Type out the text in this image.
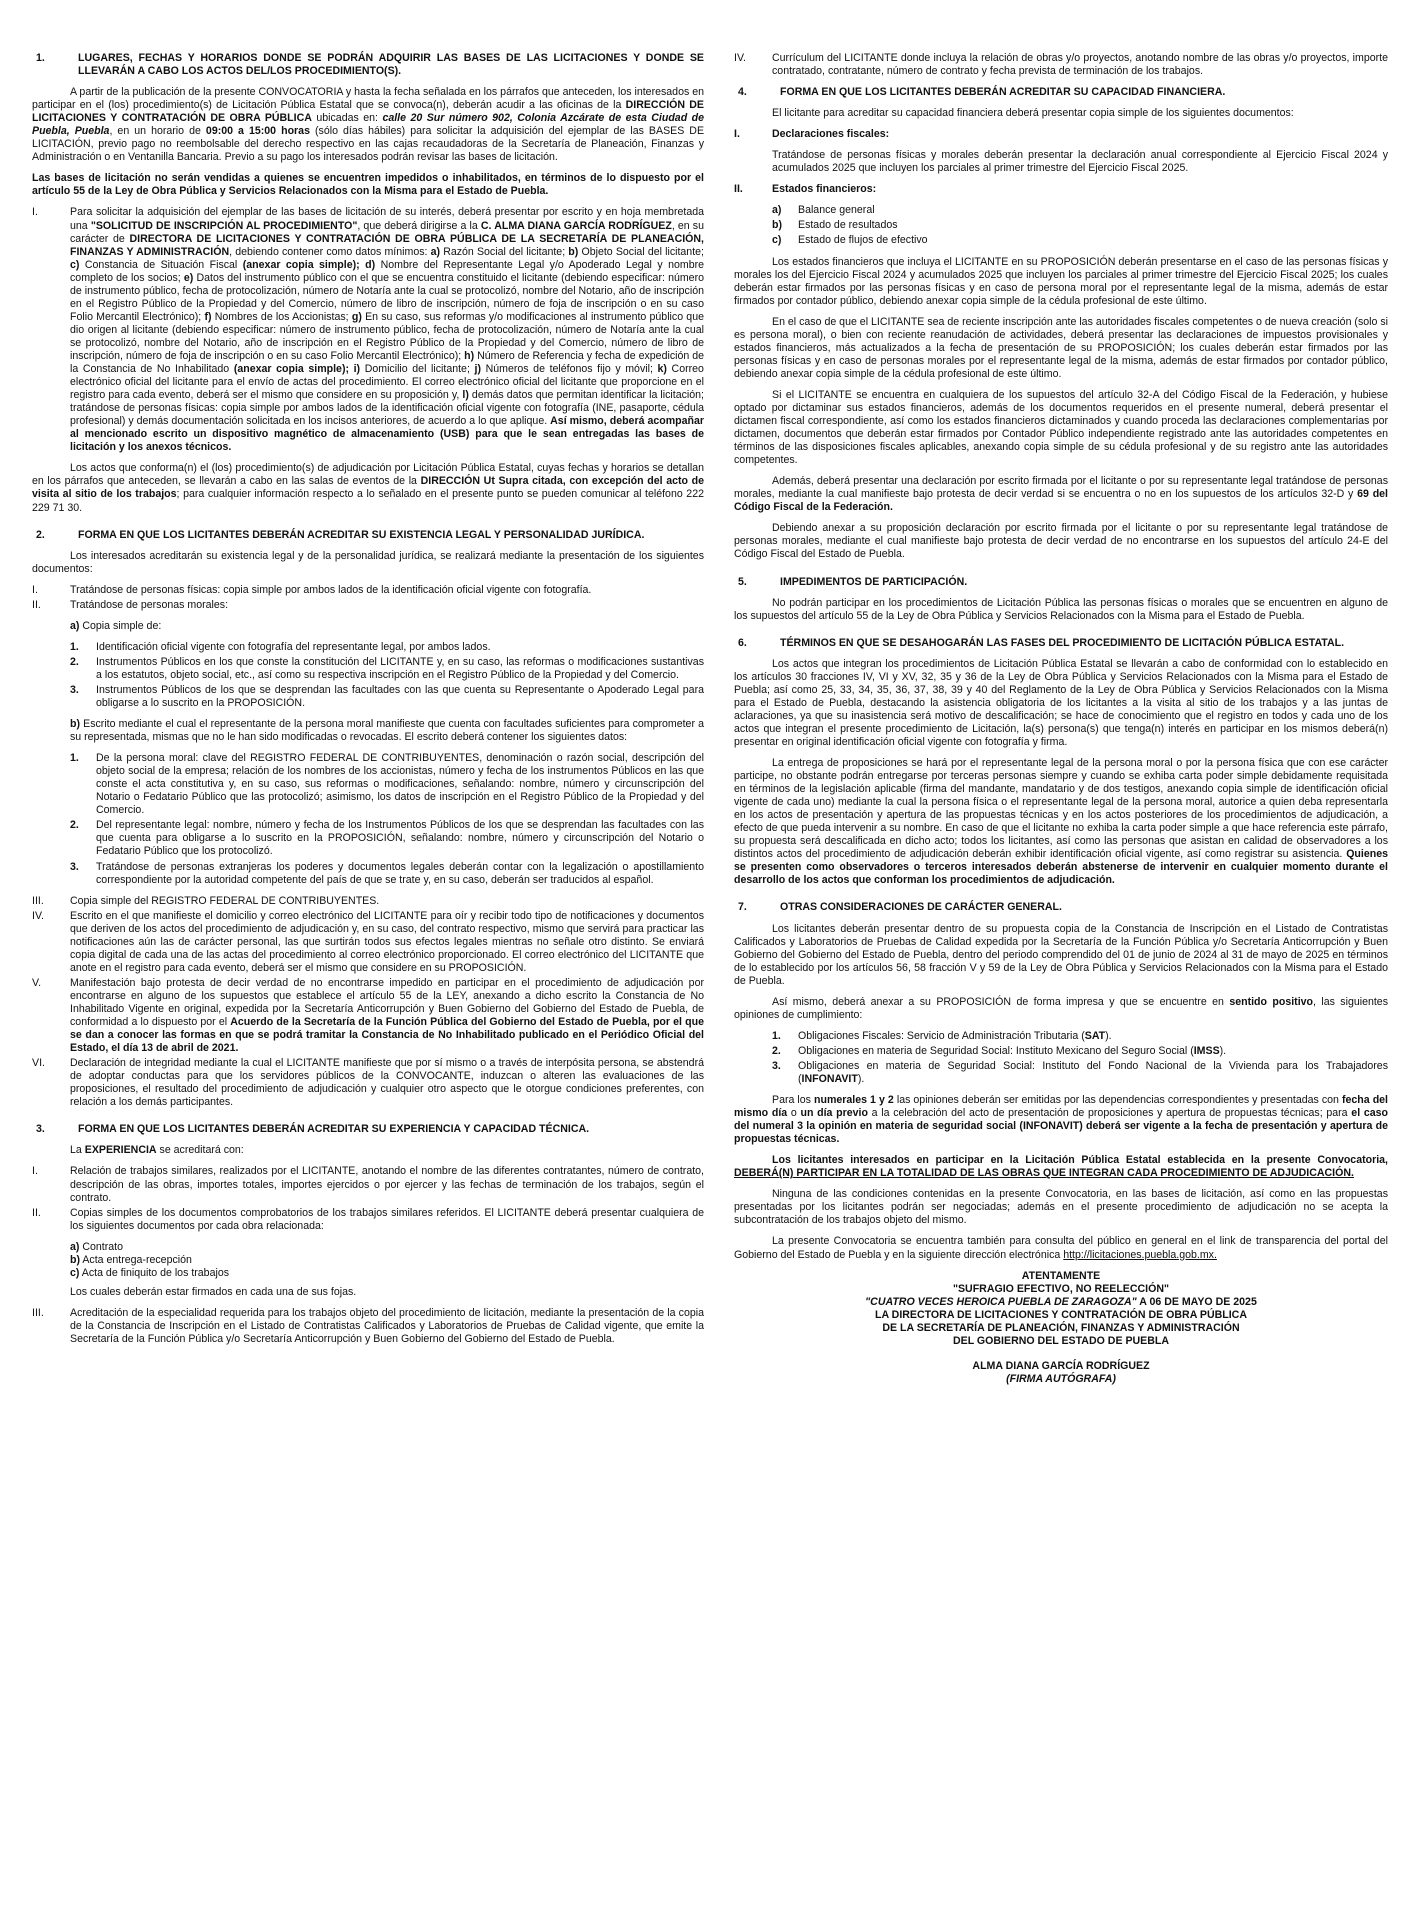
1.	LUGARES, FECHAS Y HORARIOS DONDE SE PODRÁN ADQUIRIR LAS BASES DE LAS LICITACIONES Y DONDE SE LLEVARÁN A CABO LOS ACTOS DEL/LOS PROCEDIMIENTO(S).

A partir de la publicación de la presente CONVOCATORIA y hasta la fecha señalada en los párrafos que anteceden, los interesados en participar en el (los) procedimiento(s) de Licitación Pública Estatal que se convoca(n), deberán acudir a las oficinas de la DIRECCIÓN DE LICITACIONES Y CONTRATACIÓN DE OBRA PÚBLICA ubicadas en: calle 20 Sur número 902, Colonia Azcárate de esta Ciudad de Puebla, Puebla, en un horario de 09:00 a 15:00 horas (sólo días hábiles) para solicitar la adquisición del ejemplar de las BASES DE LICITACIÓN, previo pago no reembolsable del derecho respectivo en las cajas recaudadoras de la Secretaría de Planeación, Finanzas y Administración o en Ventanilla Bancaria. Previo a su pago los interesados podrán revisar las bases de licitación.

Las bases de licitación no serán vendidas a quienes se encuentren impedidos o inhabilitados, en términos de lo dispuesto por el artículo 55 de la Ley de Obra Pública y Servicios Relacionados con la Misma para el Estado de Puebla.

I.	Para solicitar la adquisición del ejemplar de las bases de licitación de su interés, deberá presentar por escrito y en hoja membretada una "SOLICITUD DE INSCRIPCIÓN AL PROCEDIMIENTO", que deberá dirigirse a la C. ALMA DIANA GARCÍA RODRÍGUEZ, en su carácter de DIRECTORA DE LICITACIONES Y CONTRATACIÓN DE OBRA PÚBLICA DE LA SECRETARÍA DE PLANEACIÓN, FINANZAS Y ADMINISTRACIÓN, debiendo contener como datos mínimos: a) Razón Social del licitante; b) Objeto Social del licitante; c) Constancia de Situación Fiscal (anexar copia simple); d) Nombre del Representante Legal y/o Apoderado Legal y nombre completo de los socios; e) Datos del instrumento público con el que se encuentra constituido el licitante (debiendo especificar: número de instrumento público, fecha de protocolización, número de Notaría ante la cual se protocolizó, nombre del Notario, año de inscripción en el Registro Público de la Propiedad y del Comercio, número de libro de inscripción, número de foja de inscripción o en su caso Folio Mercantil Electrónico); f) Nombres de los Accionistas; g) En su caso, sus reformas y/o modificaciones al instrumento público que dio origen al licitante (debiendo especificar: número de instrumento público, fecha de protocolización, número de Notaría ante la cual se protocolizó, nombre del Notario, año de inscripción en el Registro Público de la Propiedad y del Comercio, número de libro de inscripción, número de foja de inscripción o en su caso Folio Mercantil Electrónico); h) Número de Referencia y fecha de expedición de la Constancia de No Inhabilitado (anexar copia simple); i) Domicilio del licitante; j) Números de teléfonos fijo y móvil; k) Correo electrónico oficial del licitante para el envío de actas del procedimiento. El correo electrónico oficial del licitante que proporcione en el registro para cada evento, deberá ser el mismo que considere en su proposición y, l) demás datos que permitan identificar la licitación; tratándose de personas físicas: copia simple por ambos lados de la identificación oficial vigente con fotografía (INE, pasaporte, cédula profesional) y demás documentación solicitada en los incisos anteriores, de acuerdo a lo que aplique. Así mismo, deberá acompañar al mencionado escrito un dispositivo magnético de almacenamiento (USB) para que le sean entregadas las bases de licitación y los anexos técnicos.

Los actos que conforma(n) el (los) procedimiento(s) de adjudicación por Licitación Pública Estatal, cuyas fechas y horarios se detallan en los párrafos que anteceden, se llevarán a cabo en las salas de eventos de la DIRECCIÓN Ut Supra citada, con excepción del acto de visita al sitio de los trabajos; para cualquier información respecto a lo señalado en el presente punto se pueden comunicar al teléfono 222 229 71 30.

2.	FORMA EN QUE LOS LICITANTES DEBERÁN ACREDITAR SU EXISTENCIA LEGAL Y PERSONALIDAD JURÍDICA.

Los interesados acreditarán su existencia legal y de la personalidad jurídica, se realizará mediante la presentación de los siguientes documentos:

I.	Tratándose de personas físicas: copia simple por ambos lados de la identificación oficial vigente con fotografía.
II.	Tratándose de personas morales:

a) Copia simple de:

1.	Identificación oficial vigente con fotografía del representante legal, por ambos lados.
2.	Instrumentos Públicos en los que conste la constitución del LICITANTE y, en su caso, las reformas o modificaciones sustantivas a los estatutos, objeto social, etc., así como su respectiva inscripción en el Registro Público de la Propiedad y del Comercio.
3.	Instrumentos Públicos de los que se desprendan las facultades con las que cuenta su Representante o Apoderado Legal para obligarse a lo suscrito en la PROPOSICIÓN.

b) Escrito mediante el cual el representante de la persona moral manifieste que cuenta con facultades suficientes para comprometer a su representada, mismas que no le han sido modificadas o revocadas. El escrito deberá contener los siguientes datos:

1.	De la persona moral: clave del REGISTRO FEDERAL DE CONTRIBUYENTES, denominación o razón social, descripción del objeto social de la empresa; relación de los nombres de los accionistas, número y fecha de los instrumentos Públicos en las que conste el acta constitutiva y, en su caso, sus reformas o modificaciones, señalando: nombre, número y circunscripción del Notario o Fedatario Público que las protocolizó; asimismo, los datos de inscripción en el Registro Público de la Propiedad y del Comercio.
2.	Del representante legal: nombre, número y fecha de los Instrumentos Públicos de los que se desprendan las facultades con las que cuenta para obligarse a lo suscrito en la PROPOSICIÓN, señalando: nombre, número y circunscripción del Notario o Fedatario Público que los protocolizó.
3.	Tratándose de personas extranjeras los poderes y documentos legales deberán contar con la legalización o apostillamiento correspondiente por la autoridad competente del país de que se trate y, en su caso, deberán ser traducidos al español.
III.	Copia simple del REGISTRO FEDERAL DE CONTRIBUYENTES.
IV.	Escrito en el que manifieste el domicilio y correo electrónico del LICITANTE para oír y recibir todo tipo de notificaciones y documentos que deriven de los actos del procedimiento de adjudicación y, en su caso, del contrato respectivo, mismo que servirá para practicar las notificaciones aún las de carácter personal, las que surtirán todos sus efectos legales mientras no señale otro distinto. Se enviará copia digital de cada una de las actas del procedimiento al correo electrónico proporcionado. El correo electrónico del LICITANTE que anote en el registro para cada evento, deberá ser el mismo que considere en su PROPOSICIÓN.
V.	Manifestación bajo protesta de decir verdad de no encontrarse impedido en participar en el procedimiento de adjudicación por encontrarse en alguno de los supuestos que establece el artículo 55 de la LEY, anexando a dicho escrito la Constancia de No Inhabilitado Vigente en original, expedida por la Secretaría Anticorrupción y Buen Gobierno del Gobierno del Estado de Puebla, de conformidad a lo dispuesto por el Acuerdo de la Secretaría de la Función Pública del Gobierno del Estado de Puebla, por el que se dan a conocer las formas en que se podrá tramitar la Constancia de No Inhabilitado publicado en el Periódico Oficial del Estado, el día 13 de abril de 2021.
VI.	Declaración de integridad mediante la cual el LICITANTE manifieste que por sí mismo o a través de interpósita persona, se abstendrá de adoptar conductas para que los servidores públicos de la CONVOCANTE, induzcan o alteren las evaluaciones de las proposiciones, el resultado del procedimiento de adjudicación y cualquier otro aspecto que le otorgue condiciones preferentes, con relación a los demás participantes.
3.	FORMA EN QUE LOS LICITANTES DEBERÁN ACREDITAR SU EXPERIENCIA Y CAPACIDAD TÉCNICA.

La EXPERIENCIA se acreditará con:

I.	Relación de trabajos similares, realizados por el LICITANTE, anotando el nombre de las diferentes contratantes, número de contrato, descripción de las obras, importes totales, importes ejercidos o por ejercer y las fechas de terminación de los trabajos, según el contrato.
II.	Copias simples de los documentos comprobatorios de los trabajos similares referidos. El LICITANTE deberá presentar cualquiera de los siguientes documentos por cada obra relacionada:
a) Contrato
b) Acta entrega-recepción
c) Acta de finiquito de los trabajos

Los cuales deberán estar firmados en cada una de sus fojas.

III.	Acreditación de la especialidad requerida para los trabajos objeto del procedimiento de licitación, mediante la presentación de la copia de la Constancia de Inscripción en el Listado de Contratistas Calificados y Laboratorios de Pruebas de Calidad vigente, que emite la Secretaría de la Función Pública y/o Secretaría Anticorrupción y Buen Gobierno del Gobierno del Estado de Puebla.
IV.	Currículum del LICITANTE donde incluya la relación de obras y/o proyectos, anotando nombre de las obras y/o proyectos, importe contratado, contratante, número de contrato y fecha prevista de terminación de los trabajos.
4.	FORMA EN QUE LOS LICITANTES DEBERÁN ACREDITAR SU CAPACIDAD FINANCIERA.

El licitante para acreditar su capacidad financiera deberá presentar copia simple de los siguientes documentos:

I.	Declaraciones fiscales:

Tratándose de personas físicas y morales deberán presentar la declaración anual correspondiente al Ejercicio Fiscal 2024 y acumulados 2025 que incluyen los parciales al primer trimestre del Ejercicio Fiscal 2025.

II.	Estados financieros:
a)	Balance general
b)	Estado de resultados
c)	Estado de flujos de efectivo

Los estados financieros que incluya el LICITANTE en su PROPOSICIÓN deberán presentarse en el caso de las personas físicas y morales los del Ejercicio Fiscal 2024 y acumulados 2025 que incluyen los parciales al primer trimestre del Ejercicio Fiscal 2025; los cuales deberán estar firmados por las personas físicas y en caso de persona moral por el representante legal de la misma, además de estar firmados por contador público, debiendo anexar copia simple de la cédula profesional de este último.

En el caso de que el LICITANTE sea de reciente inscripción ante las autoridades fiscales competentes o de nueva creación (solo si es persona moral), o bien con reciente reanudación de actividades, deberá presentar las declaraciones de impuestos provisionales y estados financieros, más actualizados a la fecha de presentación de su PROPOSICIÓN; los cuales deberán estar firmados por las personas físicas y en caso de personas morales por el representante legal de la misma, además de estar firmados por contador público, debiendo anexar copia simple de la cédula profesional de este último.

Si el LICITANTE se encuentra en cualquiera de los supuestos del artículo 32-A del Código Fiscal de la Federación, y hubiese optado por dictaminar sus estados financieros, además de los documentos requeridos en el presente numeral, deberá presentar el dictamen fiscal correspondiente, así como los estados financieros dictaminados y cuando proceda las declaraciones complementarias por dictamen, documentos que deberán estar firmados por Contador Público independiente registrado ante las autoridades competentes en términos de las disposiciones fiscales aplicables, anexando copia simple de su cédula profesional y de su registro ante las autoridades competentes.

Además, deberá presentar una declaración por escrito firmada por el licitante o por su representante legal tratándose de personas morales, mediante la cual manifieste bajo protesta de decir verdad si se encuentra o no en los supuestos de los artículos 32-D y 69 del Código Fiscal de la Federación.

Debiendo anexar a su proposición declaración por escrito firmada por el licitante o por su representante legal tratándose de personas morales, mediante el cual manifieste bajo protesta de decir verdad de no encontrarse en los supuestos del artículo 24-E del Código Fiscal del Estado de Puebla.

5.	IMPEDIMENTOS DE PARTICIPACIÓN.

No podrán participar en los procedimientos de Licitación Pública las personas físicas o morales que se encuentren en alguno de los supuestos del artículo 55 de la Ley de Obra Pública y Servicios Relacionados con la Misma para el Estado de Puebla.

6.	TÉRMINOS EN QUE SE DESAHOGARÁN LAS FASES DEL PROCEDIMIENTO DE LICITACIÓN PÚBLICA ESTATAL.

Los actos que integran los procedimientos de Licitación Pública Estatal se llevarán a cabo de conformidad con lo establecido en los artículos 30 fracciones IV, VI y XV, 32, 35 y 36 de la Ley de Obra Pública y Servicios Relacionados con la Misma para el Estado de Puebla; así como 25, 33, 34, 35, 36, 37, 38, 39 y 40 del Reglamento de la Ley de Obra Pública y Servicios Relacionados con la Misma para el Estado de Puebla, destacando la asistencia obligatoria de los licitantes a la visita al sitio de los trabajos y a las juntas de aclaraciones, ya que su inasistencia será motivo de descalificación; se hace de conocimiento que el registro en todos y cada uno de los actos que integran el presente procedimiento de Licitación, la(s) persona(s) que tenga(n) interés en participar en los mismos deberá(n) presentar en original identificación oficial vigente con fotografía y firma.

La entrega de proposiciones se hará por el representante legal de la persona moral o por la persona física que con ese carácter participe, no obstante podrán entregarse por terceras personas siempre y cuando se exhiba carta poder simple debidamente requisitada en términos de la legislación aplicable (firma del mandante, mandatario y de dos testigos, anexando copia simple de identificación oficial vigente de cada uno) mediante la cual la persona física o el representante legal de la persona moral, autorice a quien deba representarla en los actos de presentación y apertura de las propuestas técnicas y en los actos posteriores de los procedimientos de adjudicación, a efecto de que pueda intervenir a su nombre. En caso de que el licitante no exhiba la carta poder simple a que hace referencia este párrafo, su propuesta será descalificada en dicho acto; todos los licitantes, así como las personas que asistan en calidad de observadores a los distintos actos del procedimiento de adjudicación deberán exhibir identificación oficial vigente, así como registrar su asistencia. Quienes se presenten como observadores o terceros interesados deberán abstenerse de intervenir en cualquier momento durante el desarrollo de los actos que conforman los procedimientos de adjudicación.

7.	OTRAS CONSIDERACIONES DE CARÁCTER GENERAL.

Los licitantes deberán presentar dentro de su propuesta copia de la Constancia de Inscripción en el Listado de Contratistas Calificados y Laboratorios de Pruebas de Calidad expedida por la Secretaría de la Función Pública y/o Secretaría Anticorrupción y Buen Gobierno del Gobierno del Estado de Puebla, dentro del periodo comprendido del 01 de junio de 2024 al 31 de mayo de 2025 en términos de lo establecido por los artículos 56, 58 fracción V y 59 de la Ley de Obra Pública y Servicios Relacionados con la Misma para el Estado de Puebla.

Así mismo, deberá anexar a su PROPOSICIÓN de forma impresa y que se encuentre en sentido positivo, las siguientes opiniones de cumplimiento:

1.	Obligaciones Fiscales: Servicio de Administración Tributaria (SAT).
2.	Obligaciones en materia de Seguridad Social: Instituto Mexicano del Seguro Social (IMSS).
3.	Obligaciones en materia de Seguridad Social: Instituto del Fondo Nacional de la Vivienda para los Trabajadores (INFONAVIT).

Para los numerales 1 y 2 las opiniones deberán ser emitidas por las dependencias correspondientes y presentadas con fecha del mismo día o un día previo a la celebración del acto de presentación de proposiciones y apertura de propuestas técnicas; para el caso del numeral 3 la opinión en materia de seguridad social (INFONAVIT) deberá ser vigente a la fecha de presentación y apertura de propuestas técnicas.

Los licitantes interesados en participar en la Licitación Pública Estatal establecida en la presente Convocatoria, DEBERÁ(N) PARTICIPAR EN LA TOTALIDAD DE LAS OBRAS QUE INTEGRAN CADA PROCEDIMIENTO DE ADJUDICACIÓN.

Ninguna de las condiciones contenidas en la presente Convocatoria, en las bases de licitación, así como en las propuestas presentadas por los licitantes podrán ser negociadas; además en el presente procedimiento de adjudicación no se acepta la subcontratación de los trabajos objeto del mismo.

La presente Convocatoria se encuentra también para consulta del público en general en el link de transparencia del portal del Gobierno del Estado de Puebla y en la siguiente dirección electrónica http://licitaciones.puebla.gob.mx.

ATENTAMENTE
"SUFRAGIO EFECTIVO, NO REELECCIÓN"
"CUATRO VECES HEROICA PUEBLA DE ZARAGOZA" A 06 DE MAYO DE 2025
LA DIRECTORA DE LICITACIONES Y CONTRATACIÓN DE OBRA PÚBLICA
DE LA SECRETARÍA DE PLANEACIÓN, FINANZAS Y ADMINISTRACIÓN
DEL GOBIERNO DEL ESTADO DE PUEBLA
ALMA DIANA GARCÍA RODRÍGUEZ
(FIRMA AUTÓGRAFA)
